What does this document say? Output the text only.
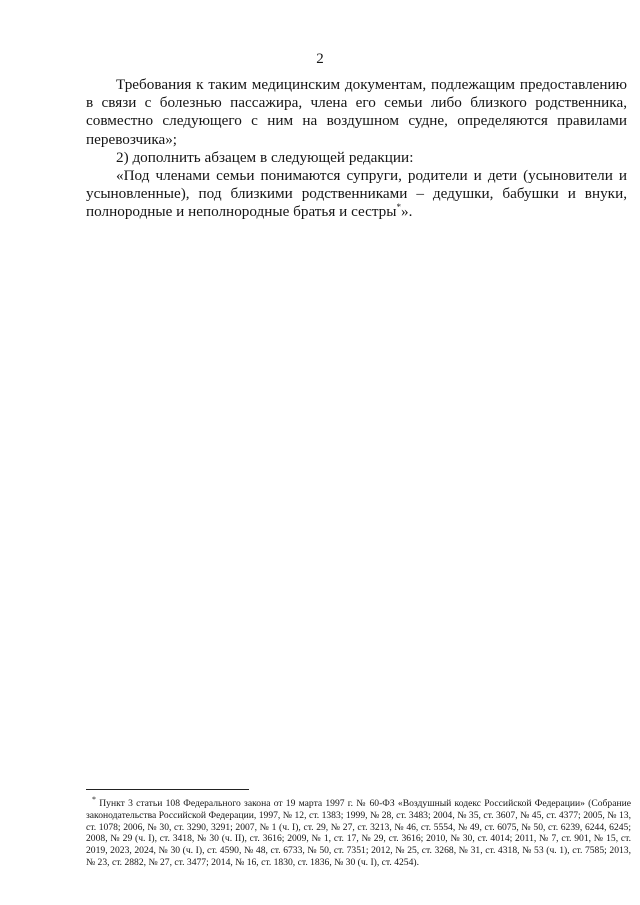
2

Требования к таким медицинским документам, подлежащим предоставлению в связи с болезнью пассажира, члена его семьи либо близкого родственника, совместно следующего с ним на воздушном судне, определяются правилами перевозчика»;

2) дополнить абзацем в следующей редакции:

«Под членами семьи понимаются супруги, родители и дети (усыновители и усыновленные), под близкими родственниками – дедушки, бабушки и внуки, полнородные и неполнородные братья и сестры*».

* Пункт 3 статьи 108 Федерального закона от 19 марта 1997 г. № 60-ФЗ «Воздушный кодекс Российской Федерации» (Собрание законодательства Российской Федерации, 1997, № 12, ст. 1383; 1999, № 28, ст. 3483; 2004, № 35, ст. 3607, № 45, ст. 4377; 2005, № 13, ст. 1078; 2006, № 30, ст. 3290, 3291; 2007, № 1 (ч. I), ст. 29, № 27, ст. 3213, № 46, ст. 5554, № 49, ст. 6075, № 50, ст. 6239, 6244, 6245; 2008, № 29 (ч. I), ст. 3418, № 30 (ч. II), ст. 3616; 2009, № 1, ст. 17, № 29, ст. 3616; 2010, № 30, ст. 4014; 2011, № 7, ст. 901, № 15, ст. 2019, 2023, 2024, № 30 (ч. I), ст. 4590, № 48, ст. 6733, № 50, ст. 7351; 2012, № 25, ст. 3268, № 31, ст. 4318, № 53 (ч. 1), ст. 7585; 2013, № 23, ст. 2882, № 27, ст. 3477; 2014, № 16, ст. 1830, ст. 1836, № 30 (ч. I), ст. 4254).
